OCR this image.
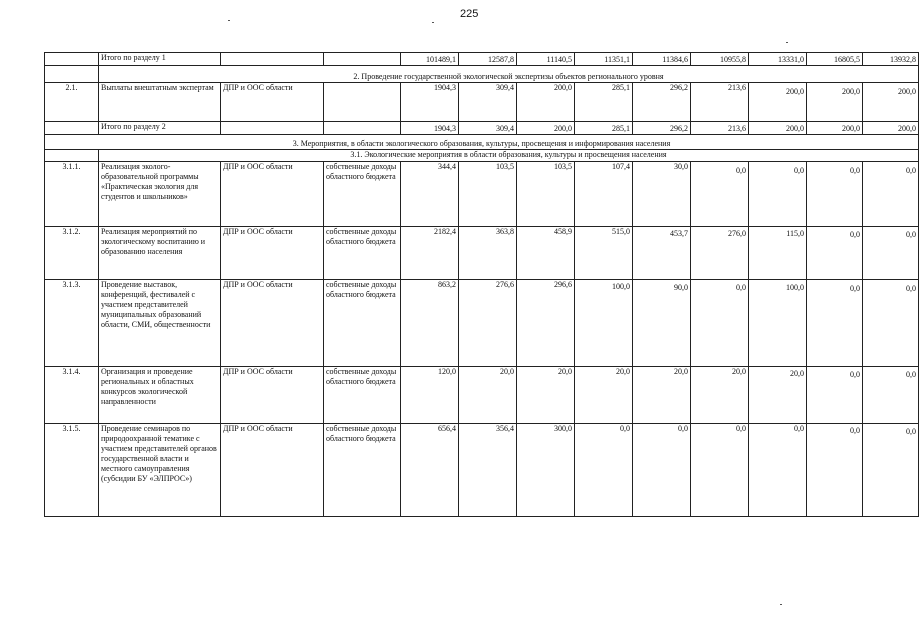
225
	Итого по разделу 1			101489,1	12587,8	11140,5	11351,1	11384,6	10955,8	13331,0	16805,5	13932,8
	2. Проведение государственной экологической экспертизы объектов регионального уровня											
2.1.	Выплаты внештатным экспертам	ДПР и ООС области		1904,3	309,4	200,0	285,1	296,2	213,6	200,0	200,0	200,0
	Итого по разделу 2			1904,3	309,4	200,0	285,1	296,2	213,6	200,0	200,0	200,0
3. Мероприятия, в области экологического образования, культуры, просвещения и информирования населения												
	3.1. Экологические мероприятия в области образования, культуры и просвещения населения											
3.1.1.	Реализация эколого-образовательной программы «Практическая экология для студентов и школьников»	ДПР и ООС области	собственные доходы областного бюджета	344,4	103,5	103,5	107,4	30,0	0,0	0,0	0,0	0,0
3.1.2.	Реализация мероприятий по экологическому воспитанию и образованию населения	ДПР и ООС области	собственные доходы областного бюджета	2182,4	363,8	458,9	515,0	453,7	276,0	115,0	0,0	0,0
3.1.3.	Проведение выставок, конференций, фестивалей с участием представителей муниципальных образований области, СМИ, общественности	ДПР и ООС области	собственные доходы областного бюджета	863,2	276,6	296,6	100,0	90,0	0,0	100,0	0,0	0,0
3.1.4.	Организация и проведение региональных и областных конкурсов экологической направленности	ДПР и ООС области	собственные доходы областного бюджета	120,0	20,0	20,0	20,0	20,0	20,0	20,0	0,0	0,0
3.1.5.	Проведение семинаров по природоохранной тематике с участием представителей органов государственной власти и местного самоуправления (субсидии БУ «ЭЛПРОС»)	ДПР и ООС области	собственные доходы областного бюджета	656,4	356,4	300,0	0,0	0,0	0,0	0,0	0,0	0,0
